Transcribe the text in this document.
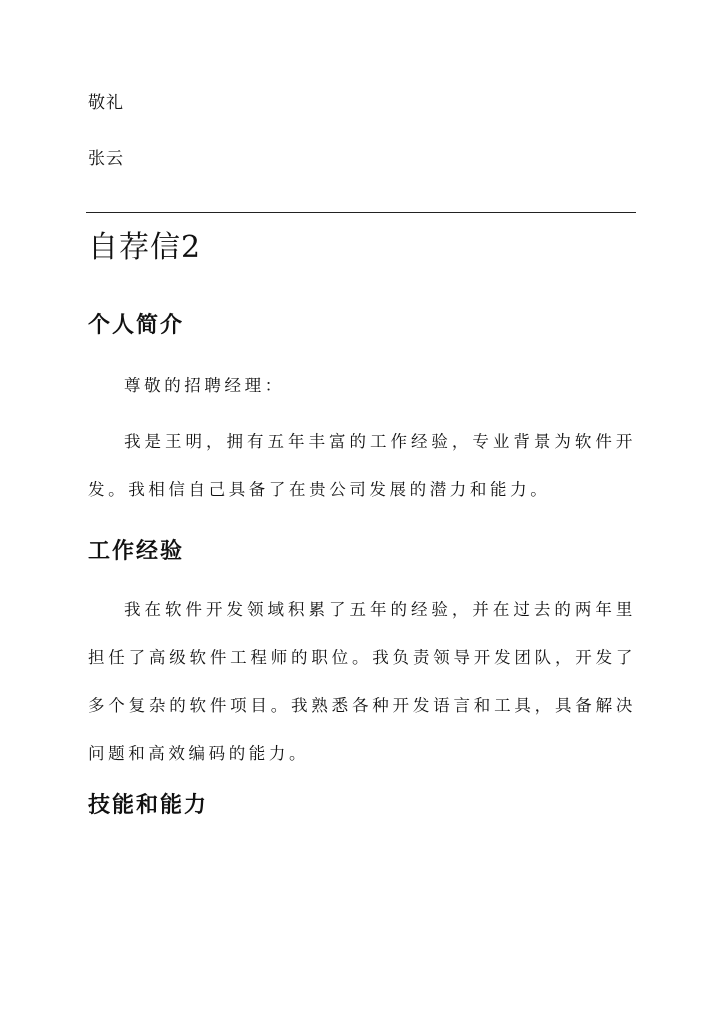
敬礼

张云

自荐信2
个人简介

尊敬的招聘经理：

我是王明，拥有五年丰富的工作经验，专业背景为软件开发。我相信自己具备了在贵公司发展的潜力和能力。

工作经验

我在软件开发领域积累了五年的经验，并在过去的两年里担任了高级软件工程师的职位。我负责领导开发团队，开发了多个复杂的软件项目。我熟悉各种开发语言和工具，具备解决问题和高效编码的能力。

技能和能力
